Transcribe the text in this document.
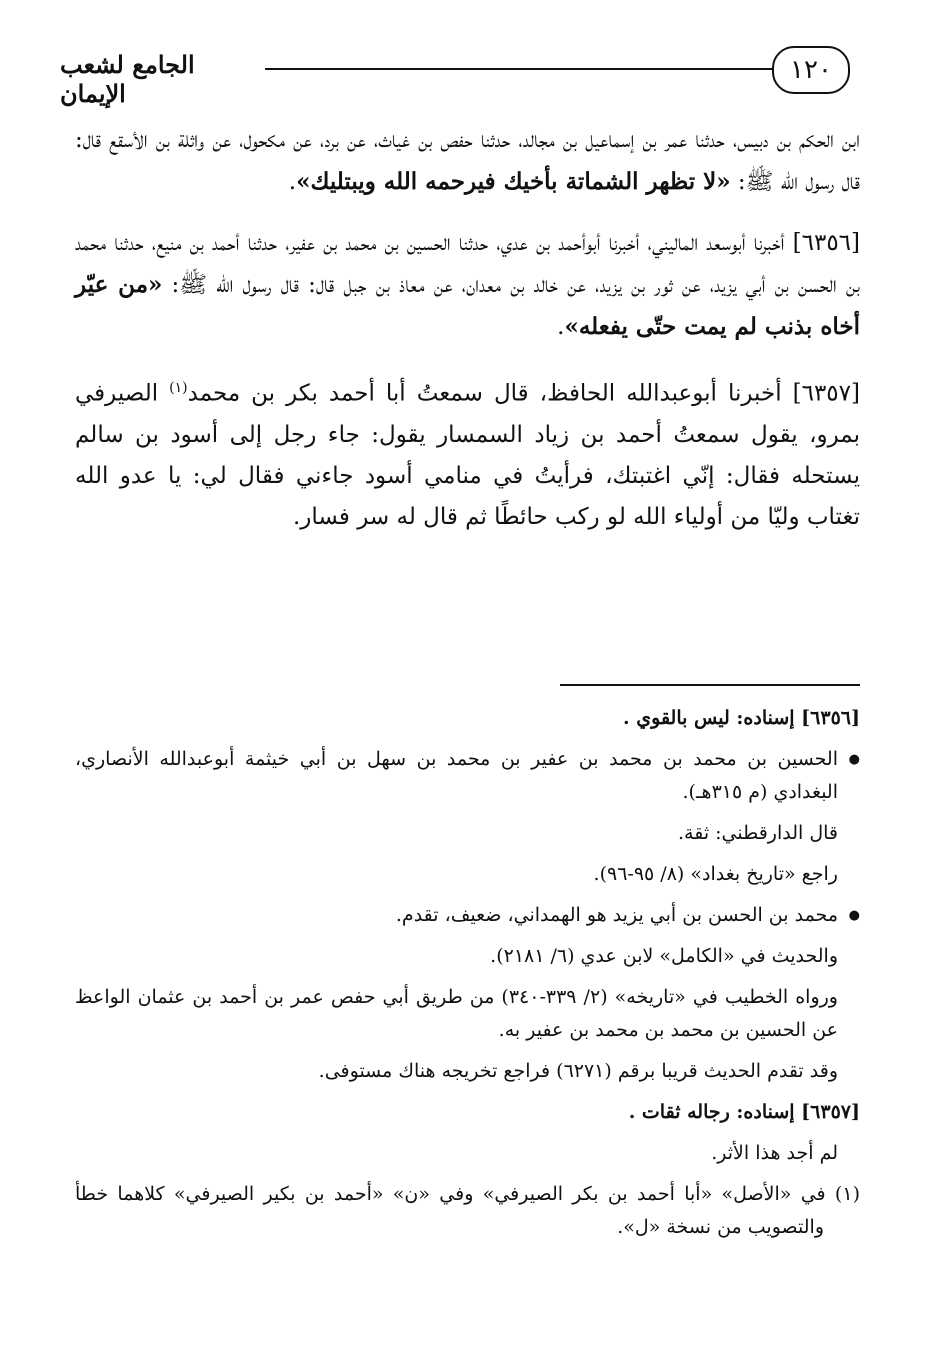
١٢٠
الجامع لشعب الإيمان

ابن الحكم بن دبيس، حدثنا عمر بن إسماعيل بن مجالد، حدثنا حفص بن غياث، عن برد، عن مكحول، عن واثلة بن الأسقع قال: قال رسول الله ﷺ: «لا تظهر الشماتة بأخيك فيرحمه الله ويبتليك».

[٦٣٥٦] أخبرنا أبوسعد الماليني، أخبرنا أبوأحمد بن عدي، حدثنا الحسين بن محمد بن عفير، حدثنا أحمد بن منيع، حدثنا محمد بن الحسن بن أبي يزيد، عن ثور بن يزيد، عن خالد بن معدان، عن معاذ بن جبل قال: قال رسول الله ﷺ: «من عيّر أخاه بذنب لم يمت حتّى يفعله».

[٦٣٥٧] أخبرنا أبوعبدالله الحافظ، قال سمعتُ أبا أحمد بكر بن محمد$^{(١)}$ الصيرفي بمرو، يقول سمعتُ أحمد بن زياد السمسار يقول: جاء رجل إلى أسود بن سالم يستحله فقال: إنّي اغتبتك، فرأيتُ في منامي أسود جاءني فقال لي: يا عدو الله تغتاب وليّا من أولياء الله لو ركب حائطًا ثم قال له سر فسار.

[٦٣٥٦] إسناده: ليس بالقوي .

● الحسين بن محمد بن محمد بن عفير بن محمد بن سهل بن أبي خيثمة أبوعبدالله الأنصاري، البغدادي (م ٣١٥هـ).

قال الدارقطني: ثقة.

راجع «تاريخ بغداد» (٨/ ٩٥-٩٦).

● محمد بن الحسن بن أبي يزيد هو الهمداني، ضعيف، تقدم.

والحديث في «الكامل» لابن عدي (٦/ ٢١٨١).

ورواه الخطيب في «تاريخه» (٢/ ٣٣٩-٣٤٠) من طريق أبي حفص عمر بن أحمد بن عثمان الواعظ عن الحسين بن محمد بن محمد بن عفير به.

وقد تقدم الحديث قريبا برقم (٦٢٧١) فراجع تخريجه هناك مستوفى.

[٦٣٥٧] إسناده: رجاله ثقات .

لم أجد هذا الأثر.

(١) في «الأصل» «أبا أحمد بن بكر الصيرفي» وفي «ن» «أحمد بن بكير الصيرفي» كلاهما خطأ والتصويب من نسخة «ل».
